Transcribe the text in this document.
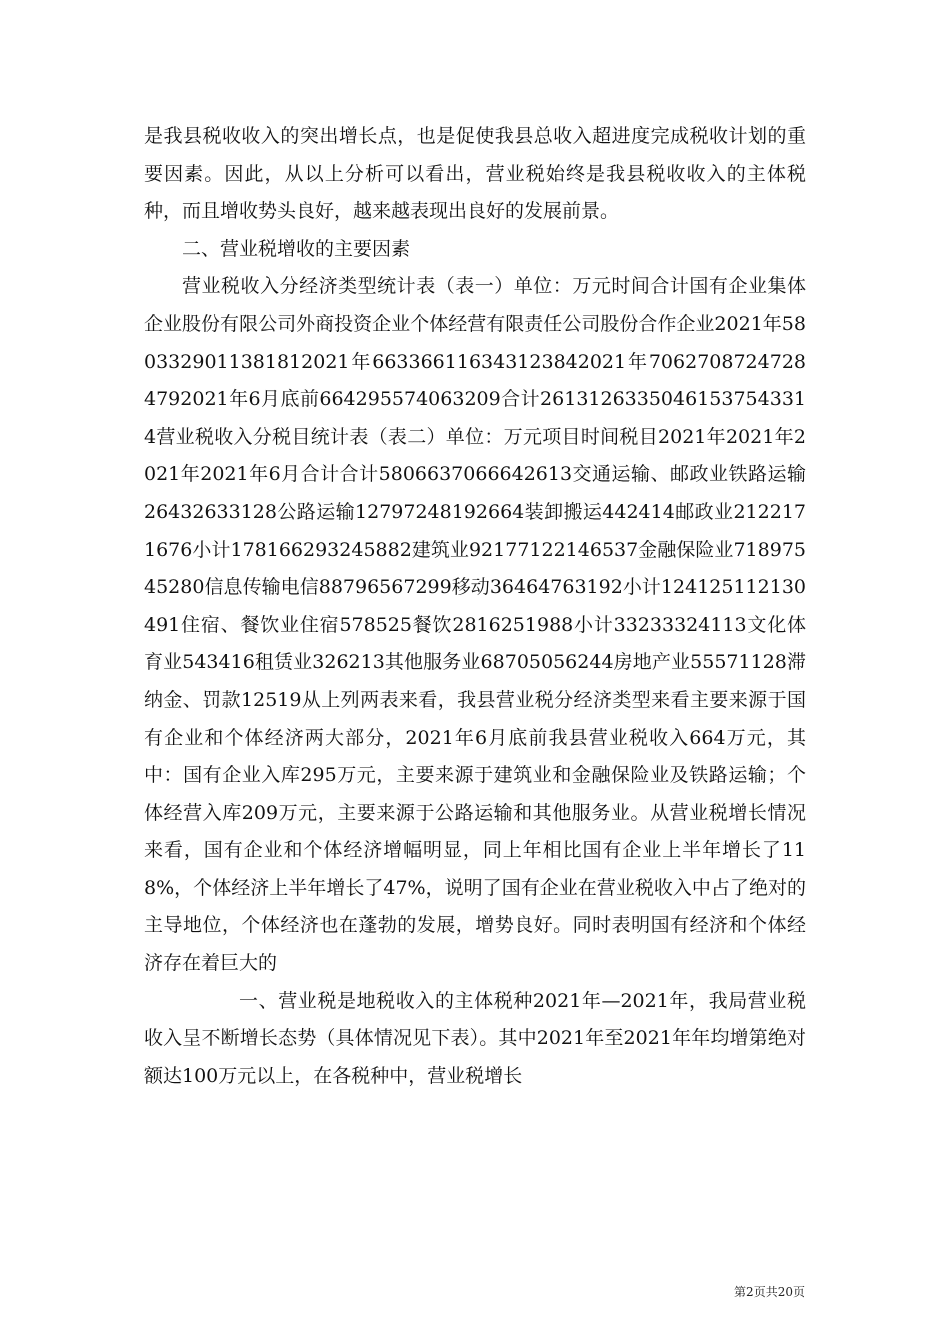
是我县税收收入的突出增长点，也是促使我县总收入超进度完成税收计划的重要因素。因此，从以上分析可以看出，营业税始终是我县税收收入的主体税种，而且增收势头良好，越来越表现出良好的发展前景。

二、营业税增收的主要因素

营业税收入分经济类型统计表（表一）单位：万元时间合计国有企业集体企业股份有限公司外商投资企业个体经营有限责任公司股份合作企业2021年5803329011381812021年6633661163431238420​21年706270872472847920​21年6月底前664295574063209合计261312633504615375433​14营业税收入分税目统计表（表二）单位：万元项目时间税目2021年2021年2021年2021年6月合计合计5806637066642613交通运输、邮政业铁路运输26432633128公路运输12797248192664装卸搬运442414邮政业2122171676小计178166293245882建筑业92177122146537金融保险业71897545280信息传输电信88796567299移动36464763192小计124125112130491住宿、餐饮业住宿578525餐饮2816251988小计33233324113文化体育业543416租赁业326213其他服务业68705056244房地产业55571128滞纳金、罚款12519从上列两表来看，我县营业税分经济类型来看主要来源于国有企业和个体经济两大部分，2021年6月底前我县营业税收入664万元，其中：国有企业入库295万元，主要来源于建筑业和金融保险业及铁路运输；个体经营入库209万元，主要来源于公路运输和其他服务业。从营业税增长情况来看，国有企业和个体经济增幅明显，同上年相比国有企业上半年增长了118%，个体经济上半年增长了47%，说明了国有企业在营业税收入中占了绝对的主导地位，个体经济也在蓬勃的发展，增势良好。同时表明国有经济和个体经济存在着巨大的

一、营业税是地税收入的主体税种2021年—2021年，我局营业税收入呈不断增长态势（具体情况见下表）。其中2021年至2021年年均增第绝对额达100万元以上，在各税种中，营业税增长

第2页共20页
